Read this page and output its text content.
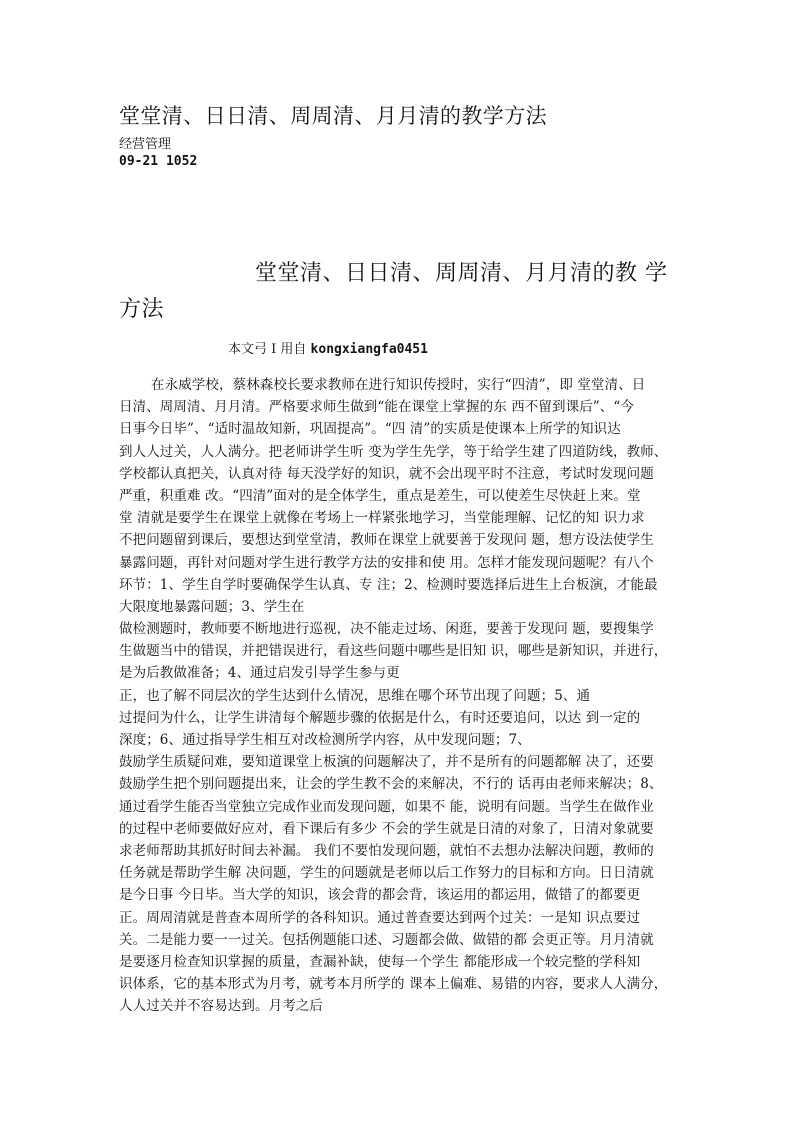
堂堂清、日日清、周周清、月月清的教学方法
经营管理
09-21 1052
堂堂清、日日清、周周清、月月清的教 学方法
本文弓 I 用自 kongxiangfa0451
在永威学校，蔡林森校长要求教师在进行知识传授时，实行“四清”，即 堂堂清、日
日清、周周清、月月清。严格要求师生做到“能在课堂上掌握的东 西不留到课后”、“今
日事今日毕”、“适时温故知新，巩固提高”。“四 清”的实质是使课本上所学的知识达
到人人过关，人人满分。把老师讲学生听 变为学生先学，等于给学生建了四道防线，教师、
学校都认真把关，认真对待 每天没学好的知识，就不会出现平时不注意，考试时发现问题
严重，积重难 改。“四清”面对的是全体学生，重点是差生，可以使差生尽快赶上来。堂
堂 清就是要学生在课堂上就像在考场上一样紧张地学习，当堂能理解、记忆的知 识力求
不把问题留到课后，要想达到堂堂清，教师在课堂上就要善于发现问 题，想方设法使学生
暴露问题，再针对问题对学生进行教学方法的安排和使 用。怎样才能发现问题呢？有八个
环节：1、学生自学时要确保学生认真、专 注；2、检测时要选择后进生上台板演，才能最
大限度地暴露问题；3、学生在
做检测题时，教师要不断地进行巡视，决不能走过场、闲逛，要善于发现问 题，要搜集学
生做题当中的错误，并把错误进行，看这些问题中哪些是旧知 识，哪些是新知识，并进行，
是为后教做准备；4、通过启发引导学生参与更
正，也了解不同层次的学生达到什么情况，思维在哪个环节出现了问题；5、通
过提问为什么，让学生讲清每个解题步骤的依据是什么，有时还要追问，以达 到一定的
深度；6、通过指导学生相互对改检测所学内容，从中发现问题；7、
鼓励学生质疑问难，要知道课堂上板演的问题解决了，并不是所有的问题都解 决了，还要
鼓励学生把个别问题提出来，让会的学生教不会的来解决，不行的 话再由老师来解决；8、
通过看学生能否当堂独立完成作业而发现问题，如果不 能，说明有问题。当学生在做作业
的过程中老师要做好应对，看下课后有多少 不会的学生就是日清的对象了，日清对象就要
求老师帮助其抓好时间去补漏。 我们不要怕发现问题，就怕不去想办法解决问题，教师的
任务就是帮助学生解 决问题，学生的问题就是老师以后工作努力的目标和方向。日日清就
是今日事 今日毕。当大学的知识，该会背的都会背，该运用的都运用，做错了的都要更
正。周周清就是普查本周所学的各科知识。通过普查要达到两个过关：一是知 识点要过
关。二是能力要一一过关。包括例题能口述、习题都会做、做错的都 会更正等。月月清就
是要逐月检查知识掌握的质量，查漏补缺，使每一个学生 都能形成一个较完整的学科知
识体系，它的基本形式为月考，就考本月所学的 课本上偏难、易错的内容，要求人人满分，
人人过关并不容易达到。月考之后
